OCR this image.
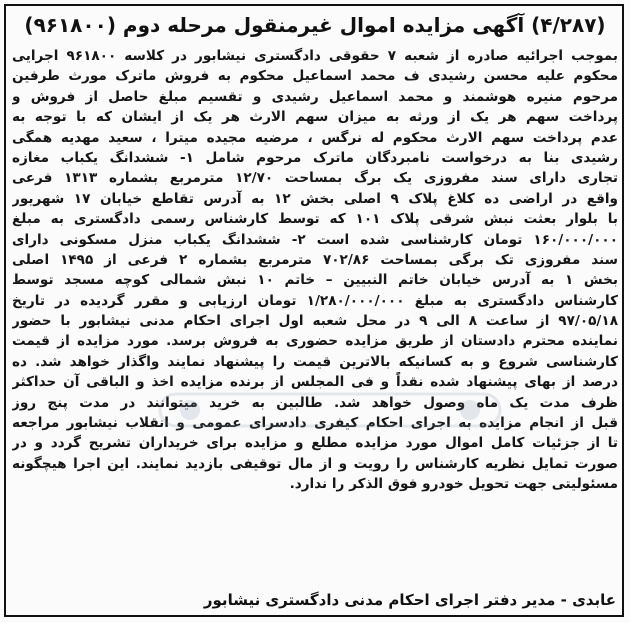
(۴/۲۸۷) آگهی مزایده اموال غیرمنقول مرحله دوم (۹۶۱۸۰۰)
بموجب اجرائیه صادره از شعبه ۷ حقوقی دادگستری نیشابور در کلاسه ۹۶۱۸۰۰ اجرایی
محکوم علیه محسن رشیدی ف محمد اسماعیل محکوم به فروش ماترک مورث طرفین
مرحوم منیره هوشمند و محمد اسماعیل رشیدی و تقسیم مبلغ حاصل از فروش و
پرداخت سهم هر یک از ورثه به میزان سهم الارث هر یک از ایشان که با توجه به
عدم پرداخت سهم الارث محکوم له نرگس ، مرضیه مجیده میترا ، سعید مهدیه همگی
رشیدی بنا به درخواست نامبردگان ماترک مرحوم شامل ۱- ششدانگ یکباب مغازه
تجاری دارای سند مفروزی یک برگ بمساحت ۱۲/۷۰ مترمربع بشماره ۱۳۱۳ فرعی
واقع در اراضی ده کلاغ پلاک ۹ اصلی بخش ۱۲ به آدرس تقاطع خیابان ۱۷ شهریور
با بلوار بعثت نبش شرقی پلاک ۱۰۱ که توسط کارشناس رسمی دادگستری به مبلغ
۱۶۰/۰۰۰/۰۰۰ تومان کارشناسی شده است ۲- ششدانگ یکباب منزل مسکونی دارای
سند مفروزی تک برگی بمساحت ۷۰۲/۸۶ مترمربع بشماره ۲ فرعی از ۱۴۹۵ اصلی
بخش ۱ به آدرس خیابان خاتم النبیین – خاتم ۱۰ نبش شمالی کوچه مسجد توسط
کارشناس دادگستری به مبلغ ۱/۲۸۰/۰۰۰/۰۰۰ تومان ارزیابی و مقرر گردیده در تاریخ
۹۷/۰۵/۱۸ از ساعت ۸ الی ۹ در محل شعبه اول اجرای احکام مدنی نیشابور با حضور
نماینده محترم دادستان از طریق مزایده حضوری به فروش برسد. مورد مزایده از قیمت
کارشناسی شروع و به کسانیکه بالاترین قیمت را پیشنهاد نمایند واگذار خواهد شد. ده
درصد از بهای پیشنهاد شده نقداً و فی المجلس از برنده مزایده اخذ و الباقی آن حداکثر
ظرف مدت یک ماه وصول خواهد شد. طالبین به خرید میتوانند در مدت پنج روز
قبل از انجام مزایده به اجرای احکام کیفری دادسرای عمومی و انقلاب نیشابور مراجعه
تا از جزئیات کامل اموال مورد مزایده مطلع و مزایده برای خریداران تشریح گردد و در
صورت تمایل نظریه کارشناس را رویت و از مال توقیفی بازدید نمایند. این اجرا هیچگونه
مسئولیتی جهت تحویل خودرو فوق الذکر را ندارد.
عابدی - مدیر دفتر اجرای احکام مدنی دادگستری نیشابور
